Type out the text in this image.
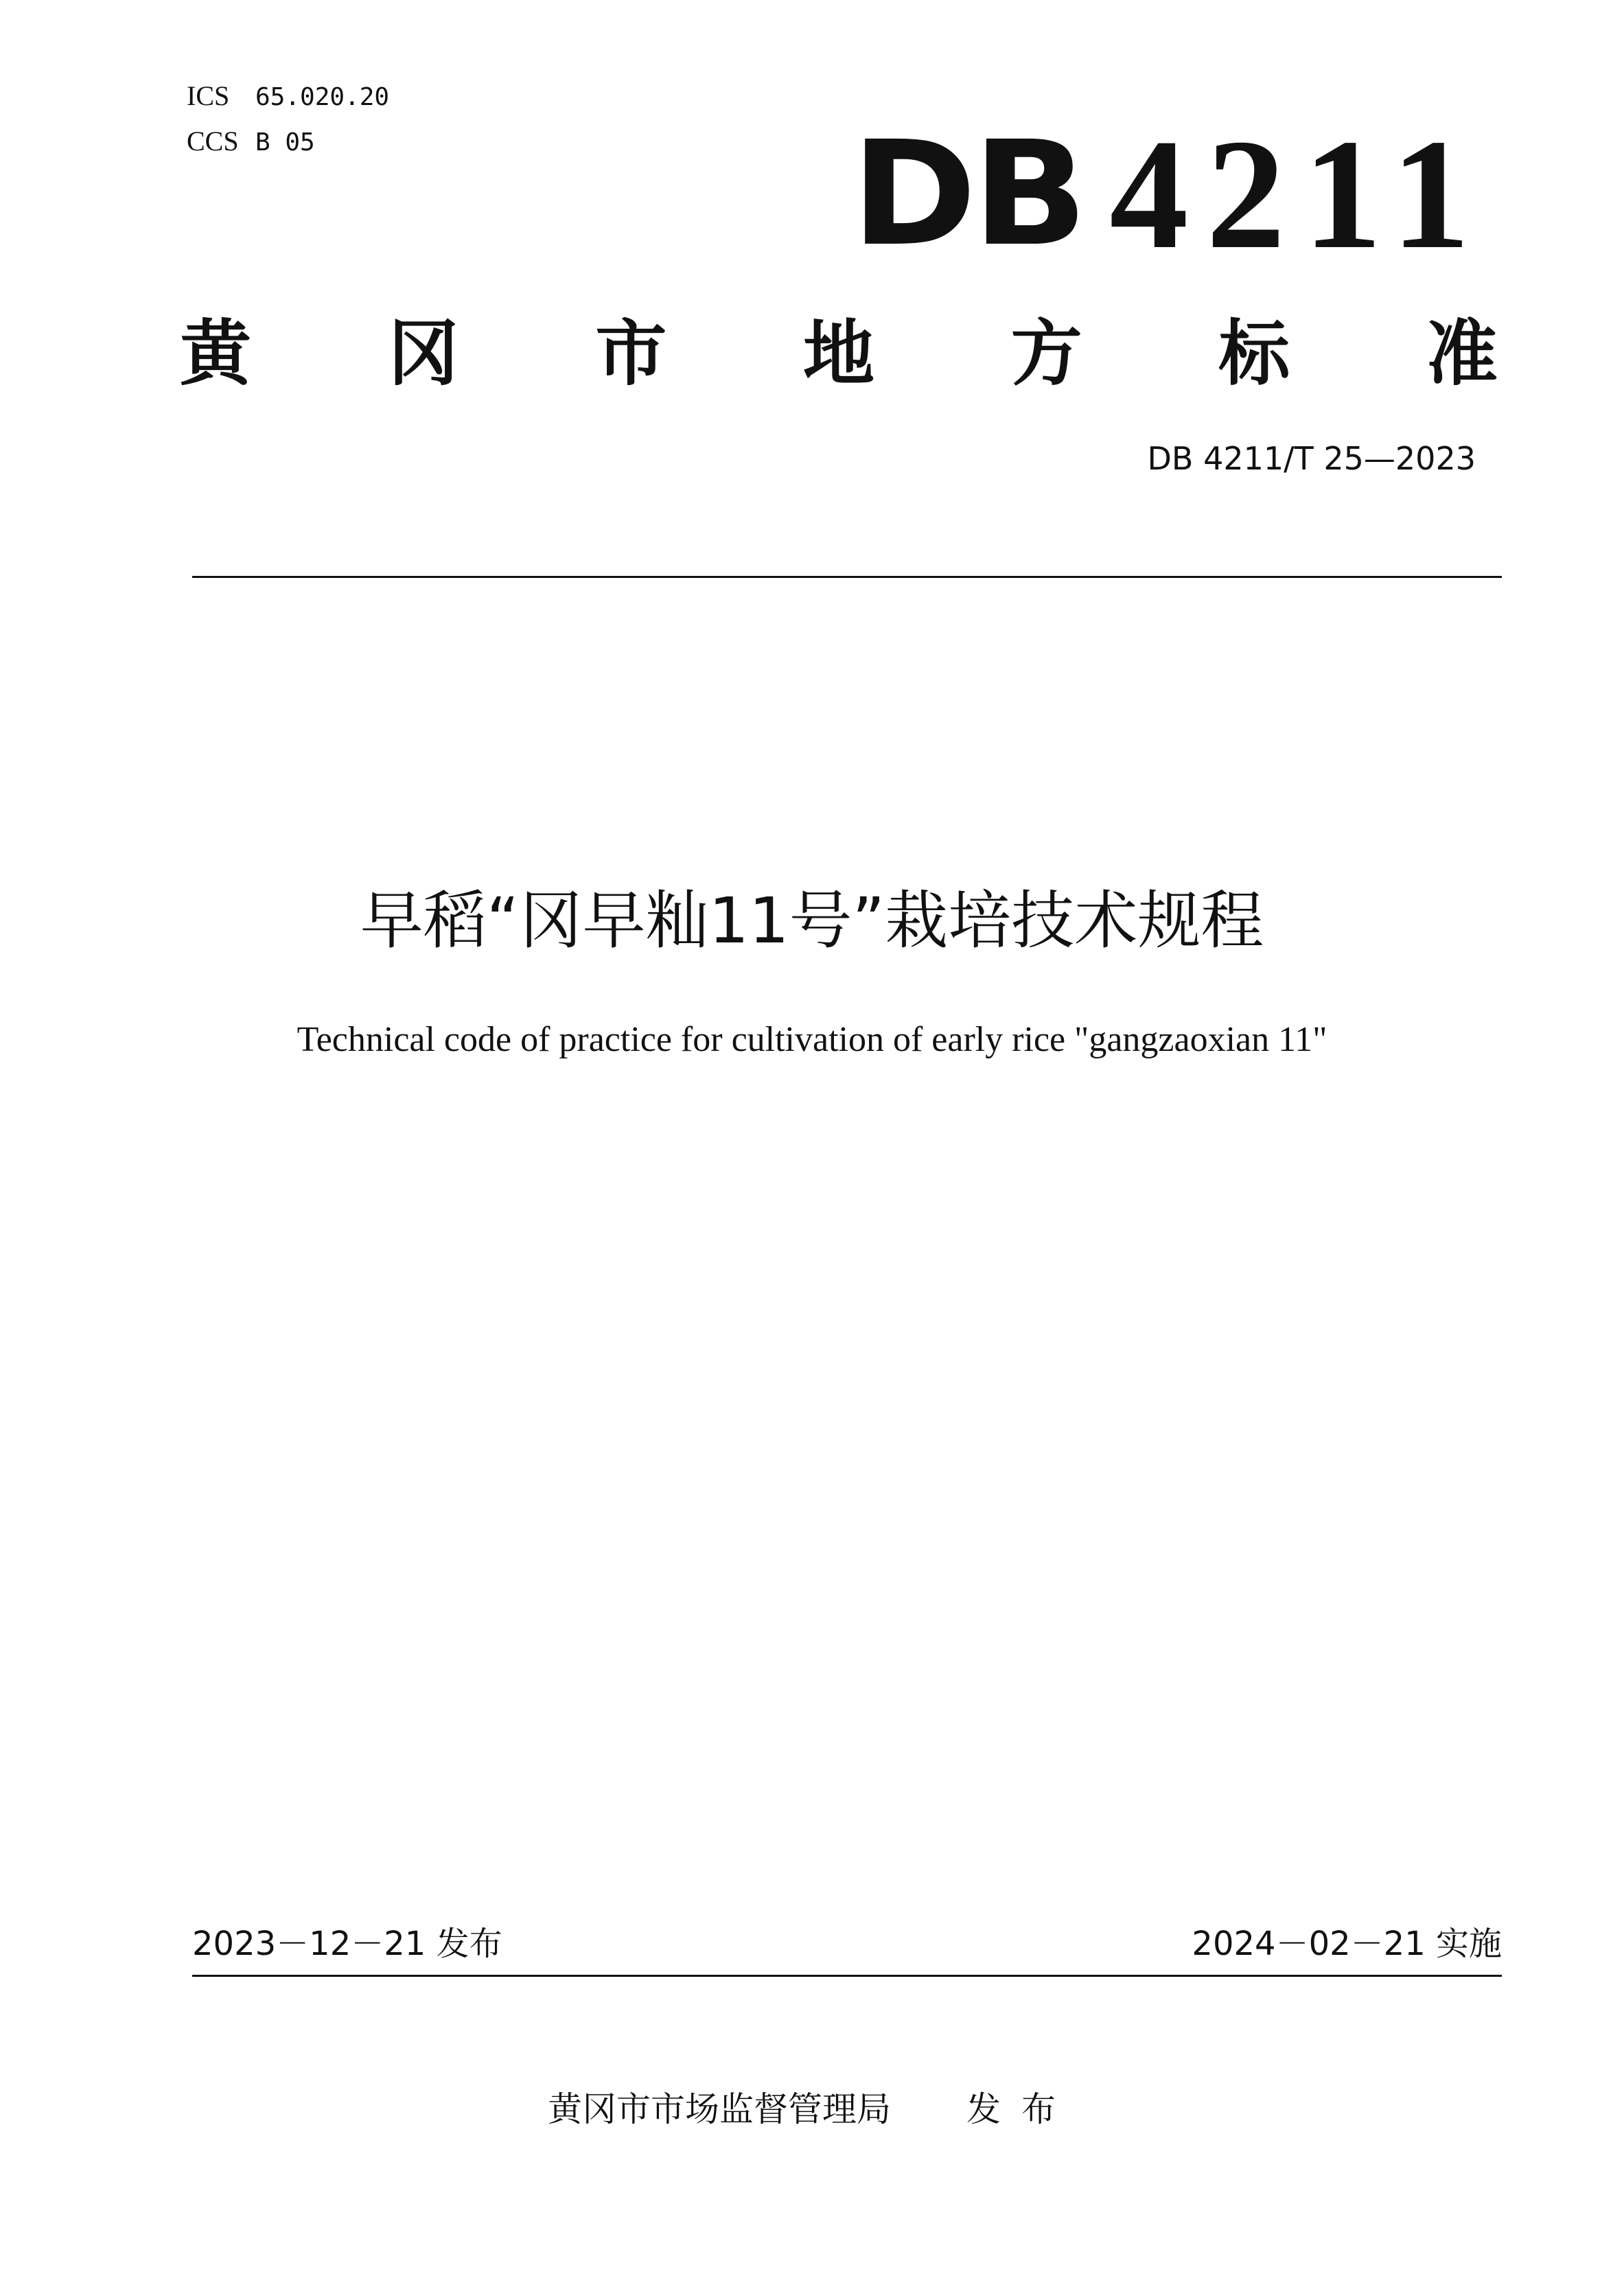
ICS	65.020.20
CCS B 05	DB 4211
黄 冈 市 地 方 标 准
DB 4211/T 25—2023
早稻“冈早籼11号”栽培技术规程
Technical code of practice for cultivation of early rice "gangzaoxian 11"
2023－12－21 发布	2024－02－21 实施
黄冈市市场监督管理局 发布
